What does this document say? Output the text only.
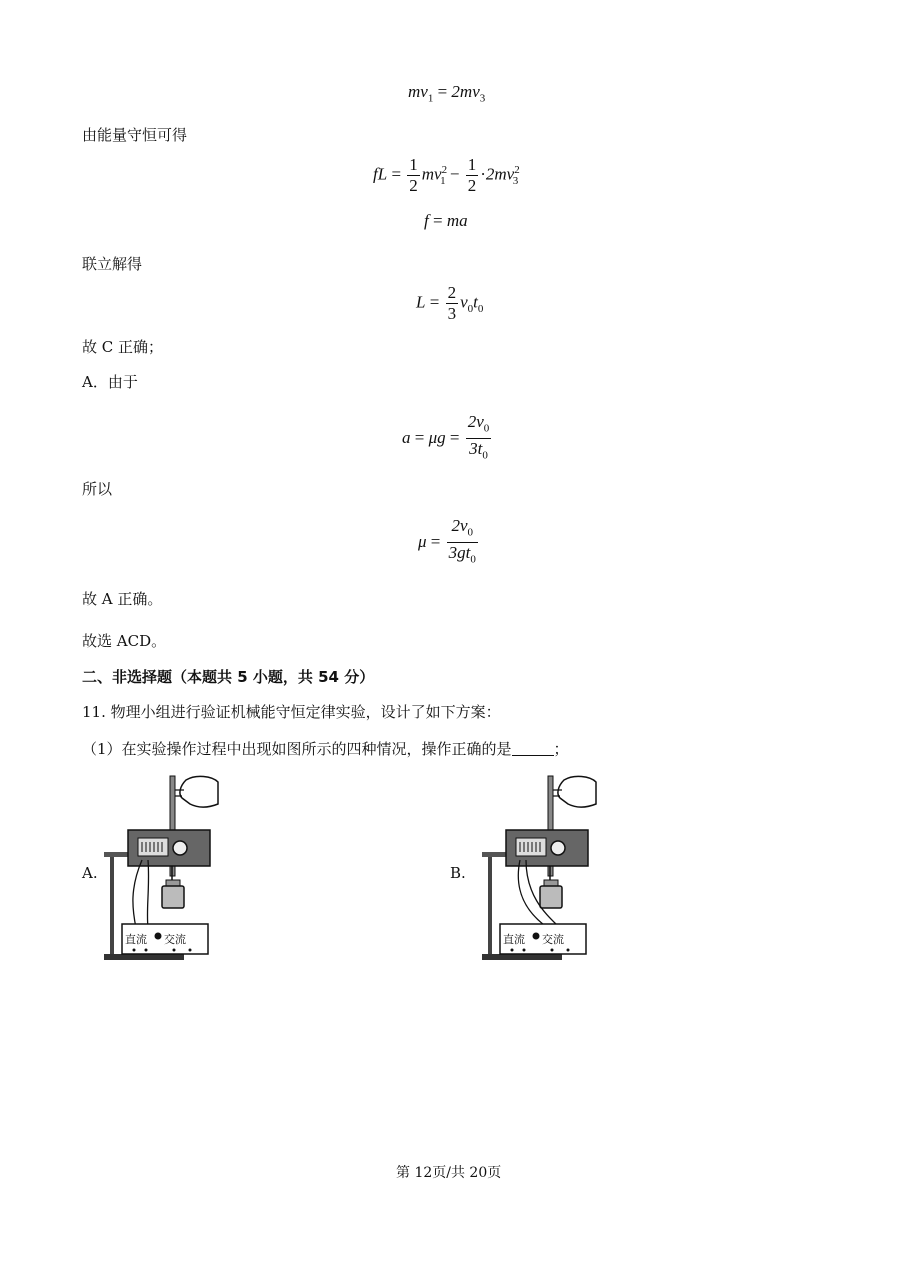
$mv_1 = 2mv_3$
由能量守恒可得
fL = $\frac{1}{2} mv^2_1 - \frac{1}{2} \cdot 2mv^2_3$
f = ma
联立解得
$L = \frac{2}{3} v_0t_0$
故 C 正确；
A．由于
$a = \mu g = \frac{2v_0}{3t_0}$
所以
$\mu = \frac{2v_0}{3gt_0}$
故 A 正确。
故选 ACD。
二、非选择题（本题共 5 小题，共 54 分）
11. 物理小组进行验证机械能守恒定律实验，设计了如下方案：
（1）在实验操作过程中出现如图所示的四种情况，操作正确的是	；
A.	B.
直流 交流	直流 交流
第 12页/共 20页
